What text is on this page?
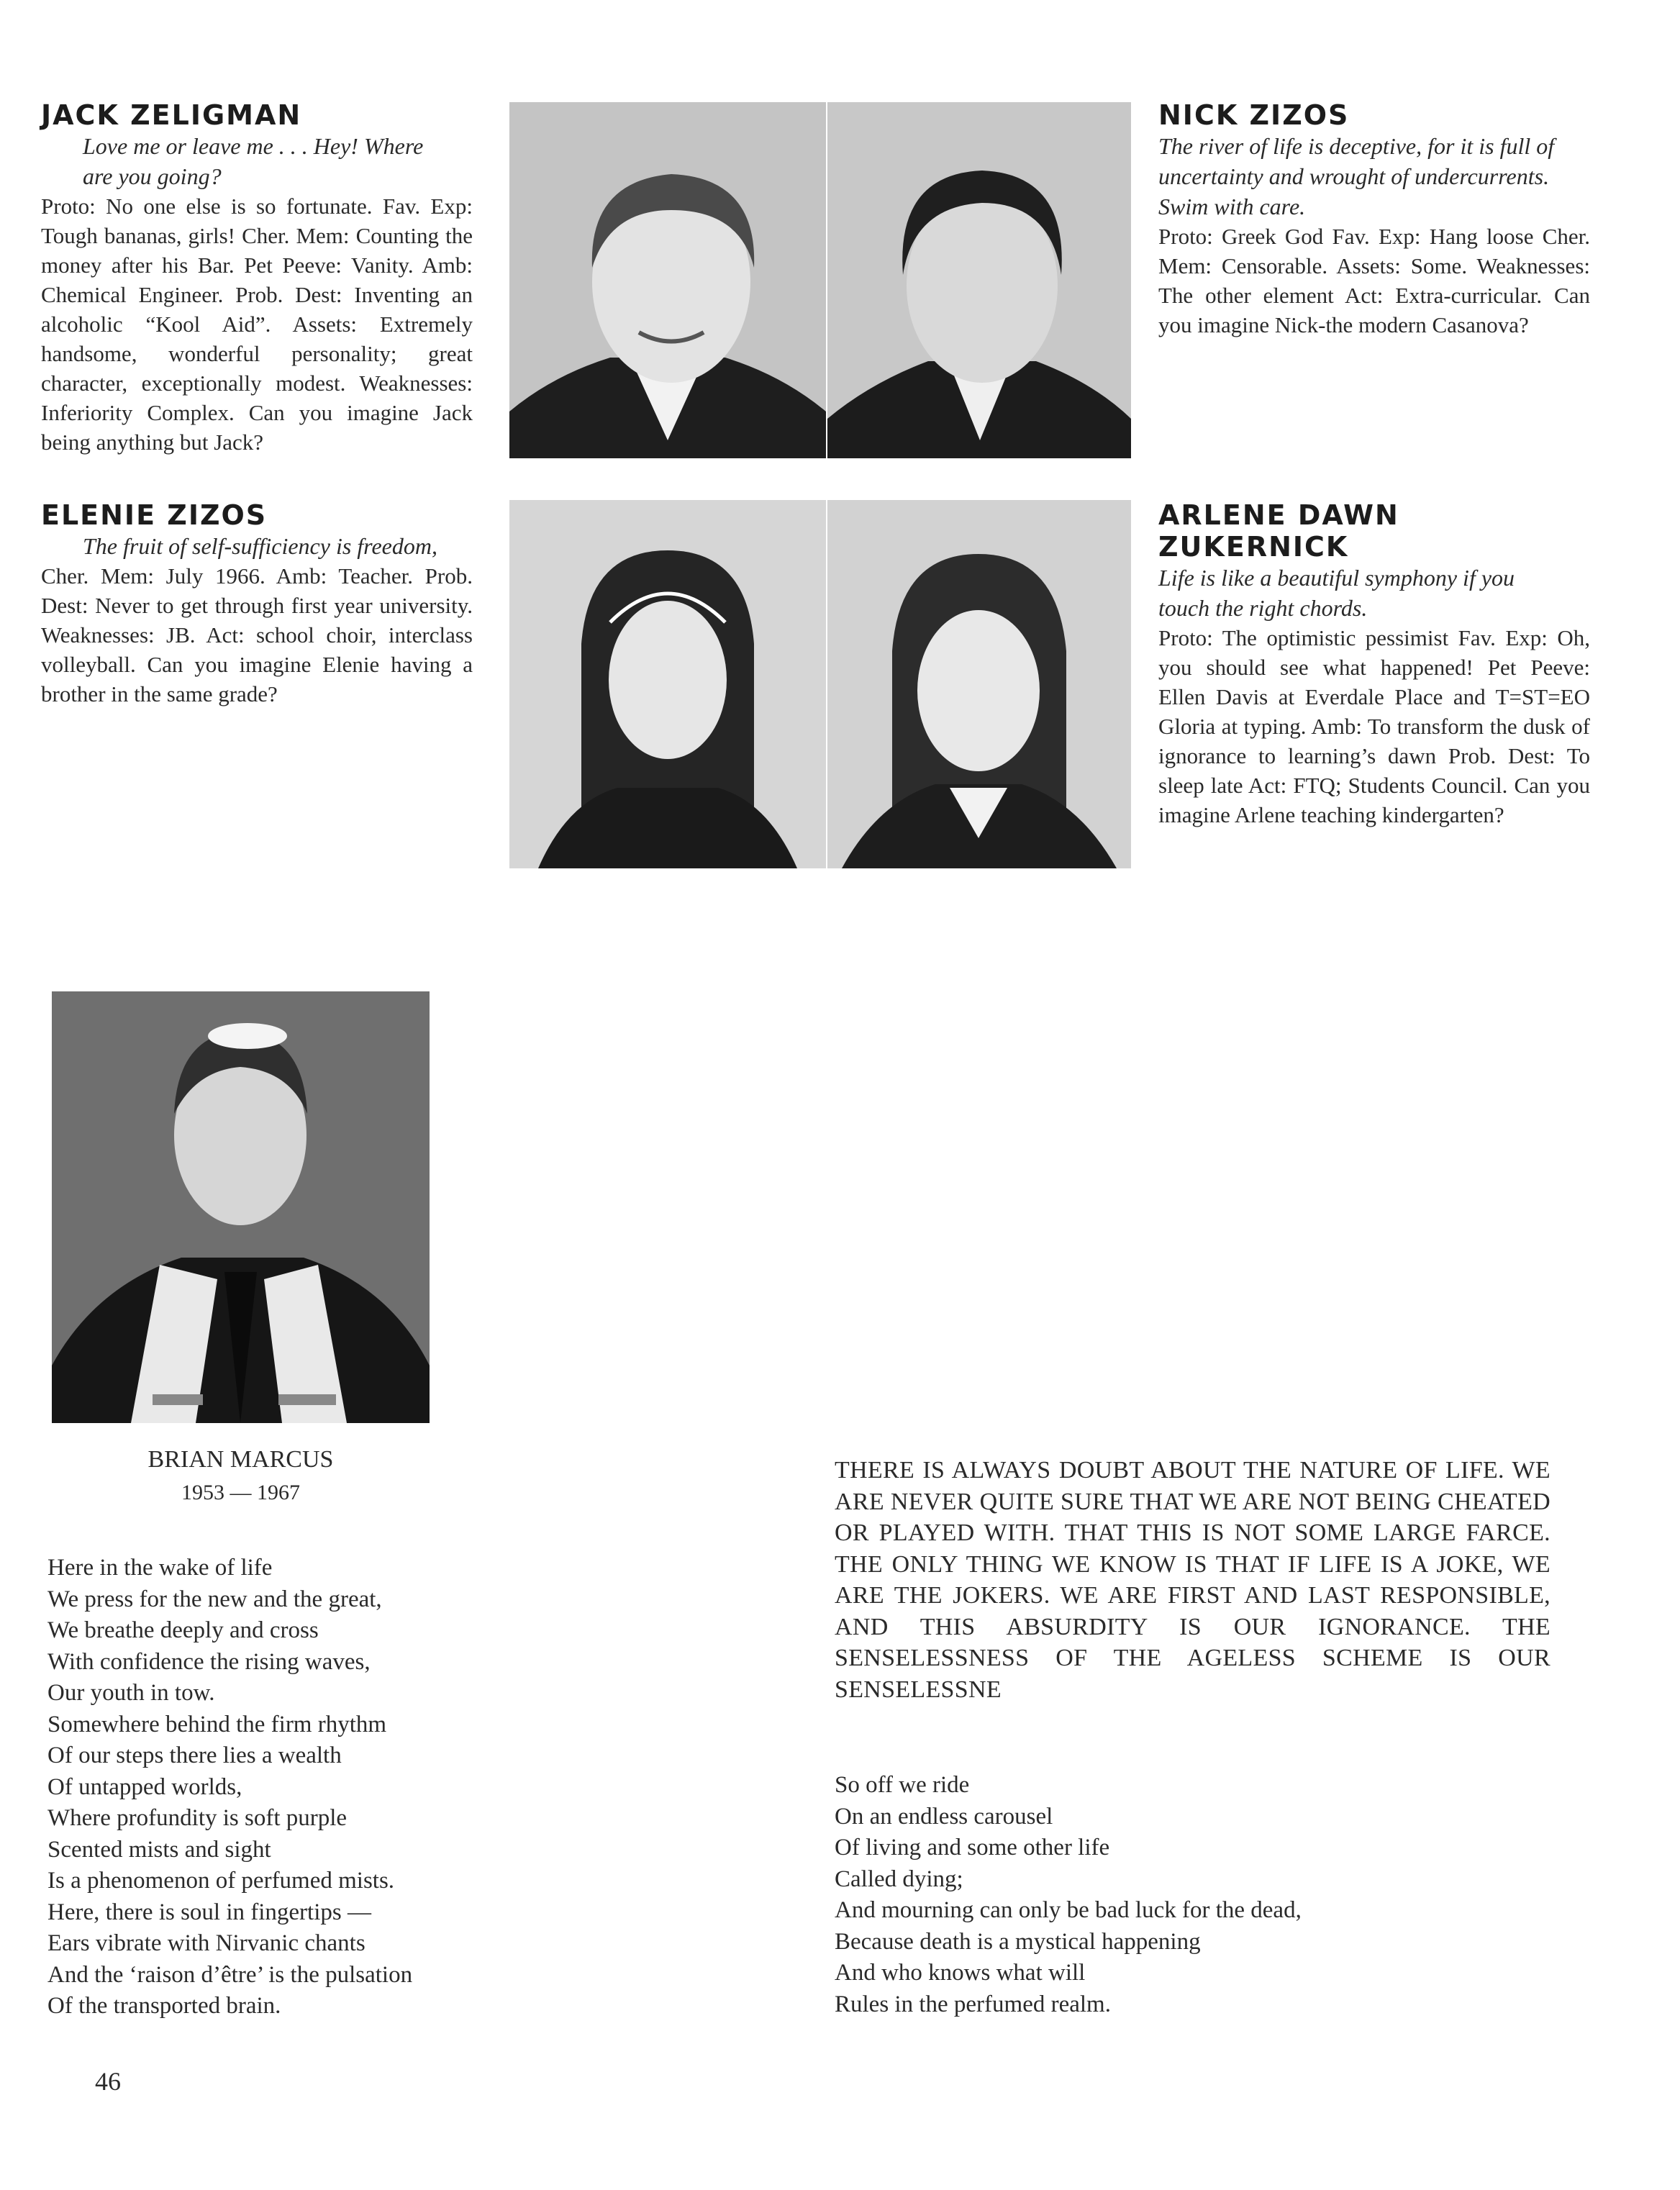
JACK ZELIGMAN
Love me or leave me . . . Hey! Where are you going?
Proto: No one else is so fortunate. Fav. Exp: Tough bananas, girls! Cher. Mem: Counting the money after his Bar. Pet Peeve: Vanity. Amb: Chemical Engineer. Prob. Dest: Inventing an alcoholic “Kool Aid”. Assets: Extremely handsome, wonderful personality; great character, exceptionally modest. Weaknesses: Inferiority Complex. Can you imagine Jack being anything but Jack?
NICK ZIZOS
The river of life is deceptive, for it is full of uncertainty and wrought of undercurrents. Swim with care.
Proto: Greek God Fav. Exp: Hang loose Cher. Mem: Censorable. Assets: Some. Weaknesses: The other element Act: Extra-curricular. Can you imagine Nick-the modern Casanova?
ELENIE ZIZOS
The fruit of self-sufficiency is freedom,
Cher. Mem: July 1966. Amb: Teacher. Prob. Dest: Never to get through first year university. Weaknesses: JB. Act: school choir, interclass volleyball. Can you imagine Elenie having a brother in the same grade?
ARLENE DAWN ZUKERNICK
Life is like a beautiful symphony if you touch the right chords.
Proto: The optimistic pessimist Fav. Exp: Oh, you should see what happened! Pet Peeve: Ellen Davis at Everdale Place and T=ST=EO Gloria at typing. Amb: To transform the dusk of ignorance to learning’s dawn Prob. Dest: To sleep late Act: FTQ; Students Council. Can you imagine Arlene teaching kindergarten?
BRIAN MARCUS
1953 — 1967
Here in the wake of life
We press for the new and the great,
We breathe deeply and cross
With confidence the rising waves,
Our youth in tow.
Somewhere behind the firm rhythm
Of our steps there lies a wealth
Of untapped worlds,
Where profundity is soft purple
Scented mists and sight
Is a phenomenon of perfumed mists.
Here, there is soul in fingertips —
Ears vibrate with Nirvanic chants
And the ‘raison d’être’ is the pulsation
Of the transported brain.
THERE IS ALWAYS DOUBT ABOUT THE NATURE OF LIFE. WE ARE NEVER QUITE SURE THAT WE ARE NOT BEING CHEATED OR PLAYED WITH. THAT THIS IS NOT SOME LARGE FARCE. THE ONLY THING WE KNOW IS THAT IF LIFE IS A JOKE, WE ARE THE JOKERS. WE ARE FIRST AND LAST RESPONSIBLE, AND THIS ABSURDITY IS OUR IGNORANCE. THE SENSELESSNESS OF THE AGELESS SCHEME IS OUR SENSELESSNE
So off we ride
On an endless carousel
Of living and some other life
Called dying;
And mourning can only be bad luck for the dead,
Because death is a mystical happening
And who knows what will
Rules in the perfumed realm.
46
